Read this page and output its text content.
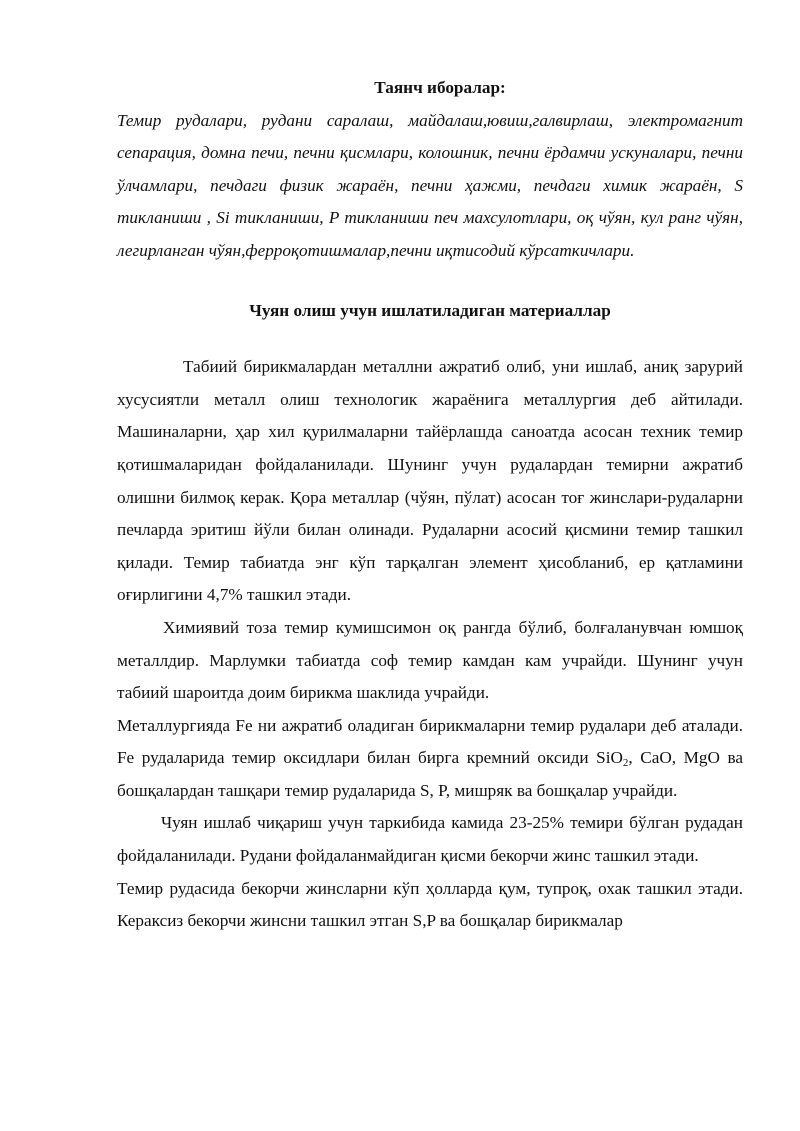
Таянч иборалар:

Темир рудалари, рудани саралаш, майдалаш,ювиш,галвирлаш, электромагнит сепарация, домна печи, печни қисмлари, колошник, печни ёрдамчи ускуналари, печни ўлчамлари, печдаги физик жараён, печни ҳажми, печдаги химик жараён, S тикланиши , Si тикланиши, P тикланиши печ махсулотлари, оқ чўян, кул ранг чўян, легирланган чўян,ферроқотишмалар,печни иқтисодий кўрсаткичлари.

Чуян олиш учун ишлатиладиган материаллар

Табиий бирикмалардан металлни ажратиб олиб, уни ишлаб, аниқ зарурий хусусиятли металл олиш технологик жараёнига металлургия деб айтилади. Машиналарни, ҳар хил қурилмаларни тайёрлашда саноатда асосан техник темир қотишмаларидан фойдаланилади. Шунинг учун рудалардан темирни ажратиб олишни билмоқ керак. Қора металлар (чўян, пўлат) асосан тоғ жинслари-рудаларни печларда эритиш йўли билан олинади. Рудаларни асосий қисмини темир ташкил қилади. Темир табиатда энг кўп тарқалган элемент ҳисобланиб, ер қатламини оғирлигини 4,7% ташкил этади.

Химиявий тоза темир кумишсимон оқ рангда бўлиб, болғаланувчан юмшоқ металлдир. Марлумки табиатда соф темир камдан кам учрайди. Шунинг учун табиий шароитда доим бирикма шаклида учрайди.

Металлургияда Fe ни ажратиб оладиган бирикмаларни темир рудалари деб аталади. Fe рудаларида темир оксидлари билан бирга кремний оксиди SiO$_2$, CaO, MgO ва бошқалардан ташқари темир рудаларида S, P, мишряк ва бошқалар учрайди.

Чуян ишлаб чиқариш учун таркибида камида 23-25% темири бўлган рудадан фойдаланилади. Рудани фойдаланмайдиган қисми бекорчи жинс ташкил этади.

Темир рудасида бекорчи жинсларни кўп ҳолларда қум, тупроқ, охак ташкил этади. Кераксиз бекорчи жинсни ташкил этган S,P ва бошқалар бирикмалар
